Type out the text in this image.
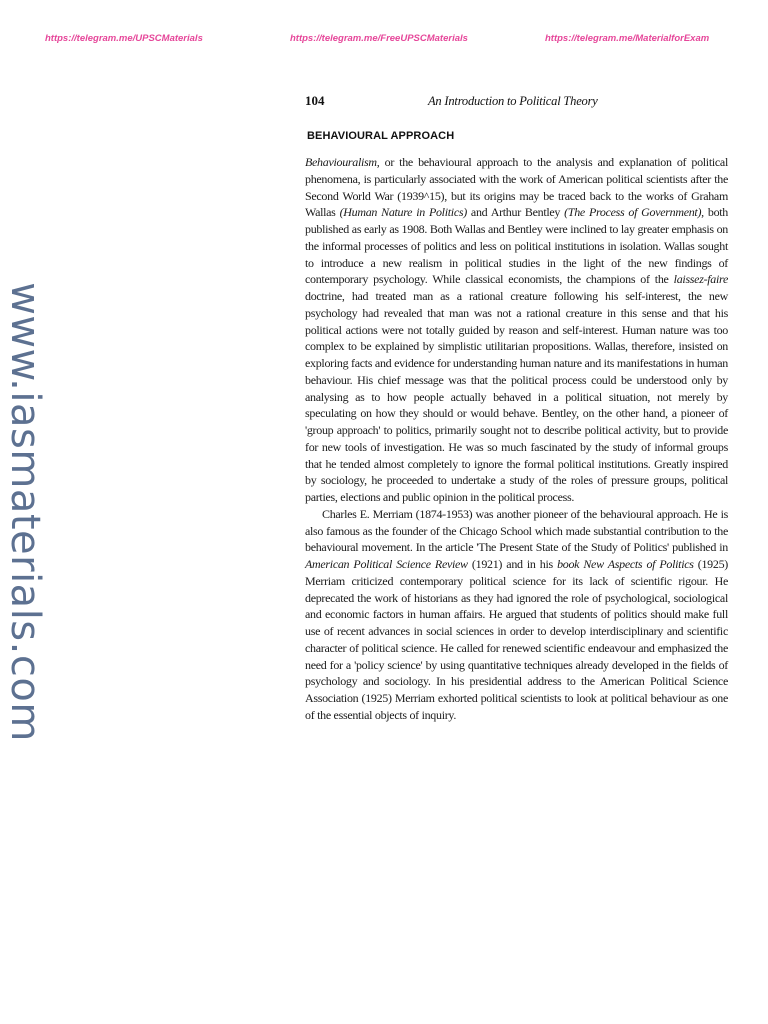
https://telegram.me/UPSCMaterials	https://telegram.me/FreeUPSCMaterials	https://telegram.me/MaterialforExam
www.iasmaterials.com
104	An Introduction to Political Theory
BEHAVIOURAL APPROACH

Behaviouralism, or the behavioural approach to the analysis and explanation of political phenomena, is particularly associated with the work of American political scientists after the Second World War (1939^15), but its origins may be traced back to the works of Graham Wallas (Human Nature in Politics) and Arthur Bentley (The Process of Government), both published as early as 1908. Both Wallas and Bentley were inclined to lay greater emphasis on the informal processes of politics and less on political institutions in isolation. Wallas sought to introduce a new realism in political studies in the light of the new findings of contemporary psychology. While classical economists, the champions of the laissez-faire doctrine, had treated man as a rational creature following his self-interest, the new psychology had revealed that man was not a rational creature in this sense and that his political actions were not totally guided by reason and self-interest. Human nature was too complex to be explained by simplistic utilitarian propositions. Wallas, therefore, insisted on exploring facts and evidence for understanding human nature and its manifestations in human behaviour. His chief message was that the political process could be understood only by analysing as to how people actually behaved in a political situation, not merely by speculating on how they should or would behave. Bentley, on the other hand, a pioneer of 'group approach' to politics, primarily sought not to describe political activity, but to provide for new tools of investigation. He was so much fascinated by the study of informal groups that he tended almost completely to ignore the formal political institutions. Greatly inspired by sociology, he proceeded to undertake a study of the roles of pressure groups, political parties, elections and public opinion in the political process.

Charles E. Merriam (1874-1953) was another pioneer of the behavioural approach. He is also famous as the founder of the Chicago School which made substantial contribution to the behavioural movement. In the article 'The Present State of the Study of Politics' published in American Political Science Review (1921) and in his book New Aspects of Politics (1925) Merriam criticized contemporary political science for its lack of scientific rigour. He deprecated the work of historians as they had ignored the role of psychological, sociological and economic factors in human affairs. He argued that students of politics should make full use of recent advances in social sciences in order to develop interdisciplinary and scientific character of political science. He called for renewed scientific endeavour and emphasized the need for a 'policy science' by using quantitative techniques already developed in the fields of psychology and sociology. In his presidential address to the American Political Science Association (1925) Merriam exhorted political scientists to look at political behaviour as one of the essential objects of inquiry.
